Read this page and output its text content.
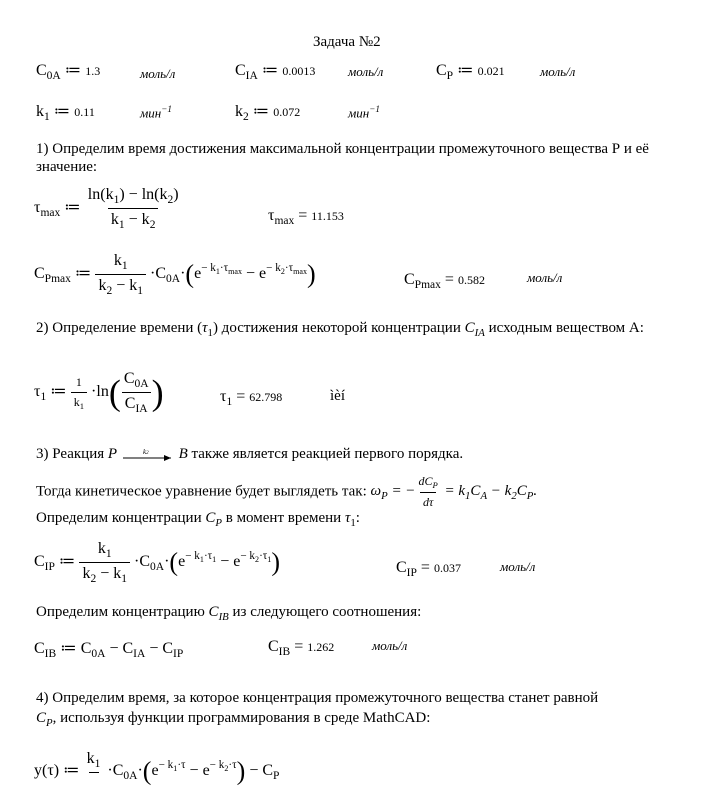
Задача №2
$C_{0A}$ ≔ 1.3	моль/л	$C_{IA}$ ≔ 0.0013	моль/л	$C_P$ ≔ 0.021	моль/л
$k_1$ ≔ 0.11	мин$^{-1}$	$k_2$ ≔ 0.072	мин$^{-1}$
1) Определим время достижения максимальной концентрации промежуточного вещества Р и её значение:
$\tau_{max}$ ≔ $\frac{\ln(k_1) - \ln(k_2)}{k_1 - k_2}$	$\tau_{max} = 11.153$
$C_{Pmax}$ ≔ $\frac{k_1}{k_2 - k_1} \cdot C_{0A}\cdot(e^{- k_1\cdot\tau_{max}} - e^{- k_2\cdot\tau_{max}})$	$C_{Pmax} = 0.582$	моль/л
2) Определение времени $(\tau_1)$ достижения некоторой концентрации $C_{IA}$ исходным веществом А:
$\tau_1$ ≔ $\frac{1}{k_1} \cdot\ln( \frac{C_{0A}}{C_{IA}}$ )	$\tau_1 = 62.798$	ìèí
3) Реакция P	k2 B также является реакцией первого порядка.
Тогда кинетическое уравнение будет выглядеть так: $\omega_P$ = − $\frac{dC_P}{d\tau} = k_1C_A - k_2C_P$.
Определим концентрации $C_P$ в момент времени $\tau_1$:
$C_{IP}$ ≔ $\frac{k_1}{k_2 - k_1} \cdot C_{0A}\cdot(e^{- k_1\cdot\tau_1} - e^{- k_2\cdot\tau_1})$	$C_{IP} = 0.037$	моль/л
Определим концентрацию $C_{IB}$ из следующего соотношения:
$C_{IB}$ ≔ $C_{0A} - C_{IA} - C_{IP}$	$C_{IB} = 1.262$	моль/л
4) Определим время, за которое концентрация промежуточного вещества станет равной
$C_P$, используя функции программирования в среде MathCAD:
y(τ) ≔
$k_1$
$\cdot C_{0A}\cdot(e^{- k_1\cdot\tau} - e^{- k_2\cdot\tau}) - C_P$
